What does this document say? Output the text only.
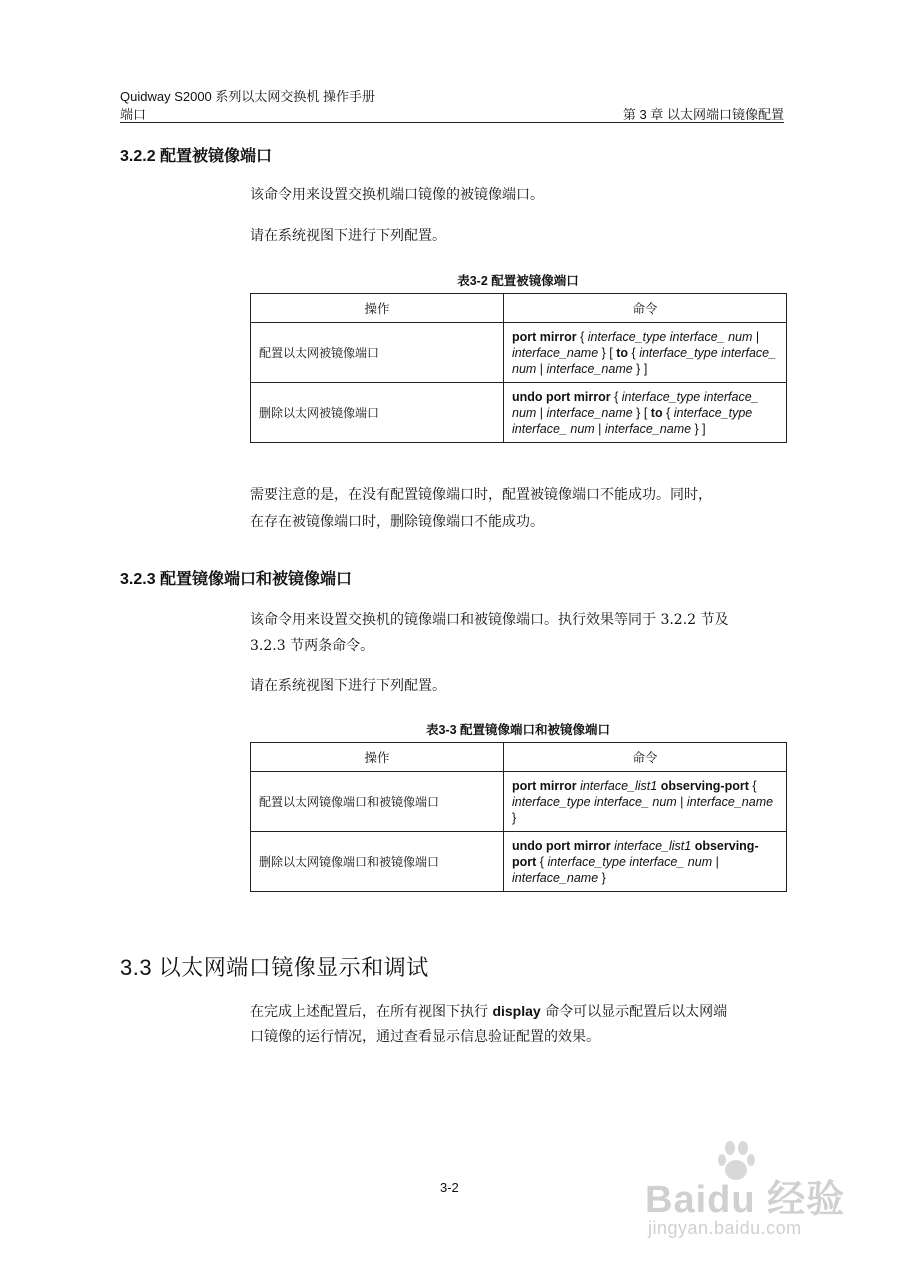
Quidway S2000 系列以太网交换机 操作手册
端口	第 3 章 以太网端口镜像配置
3.2.2 配置被镜像端口
该命令用来设置交换机端口镜像的被镜像端口。
请在系统视图下进行下列配置。
表3-2 配置被镜像端口
操作	命令
配置以太网被镜像端口	port mirror { interface_type interface_ num | interface_name } [ to { interface_type interface_ num | interface_name } ]
删除以太网被镜像端口	undo port mirror { interface_type interface_ num | interface_name } [ to { interface_type interface_ num | interface_name } ]
需要注意的是，在没有配置镜像端口时，配置被镜像端口不能成功。同时，
在存在被镜像端口时，删除镜像端口不能成功。
3.2.3 配置镜像端口和被镜像端口
该命令用来设置交换机的镜像端口和被镜像端口。执行效果等同于 3.2.2 节及
3.2.3 节两条命令。
请在系统视图下进行下列配置。
表3-3 配置镜像端口和被镜像端口
操作	命令
配置以太网镜像端口和被镜像端口	port mirror interface_list1 observing-port { interface_type interface_ num | interface_name }
删除以太网镜像端口和被镜像端口	undo port mirror interface_list1 observing-port { interface_type interface_ num | interface_name }
3.3 以太网端口镜像显示和调试
在完成上述配置后，在所有视图下执行 display 命令可以显示配置后以太网端
口镜像的运行情况，通过查看显示信息验证配置的效果。
3-2	Baidu 经验
jingyan.baidu.com
